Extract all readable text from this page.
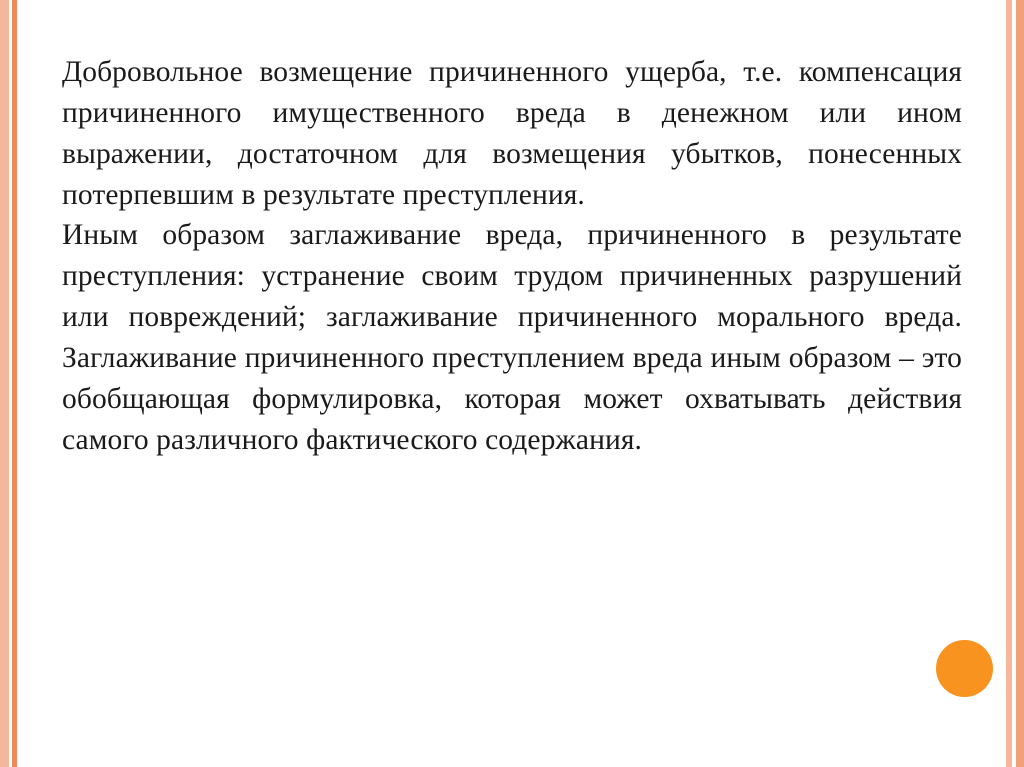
Добровольное возмещение причиненного ущерба, т.е. компенсация причиненного имущественного вреда в денежном или ином выражении, достаточном для возмещения убытков, понесенных потерпевшим в результате преступления.

Иным образом заглаживание вреда, причиненного в результате преступления: устранение своим трудом причиненных разрушений или повреждений; заглаживание причиненного морального вреда. Заглаживание причиненного преступлением вреда иным образом – это обобщающая формулировка, которая может охватывать действия самого различного фактического содержания.
